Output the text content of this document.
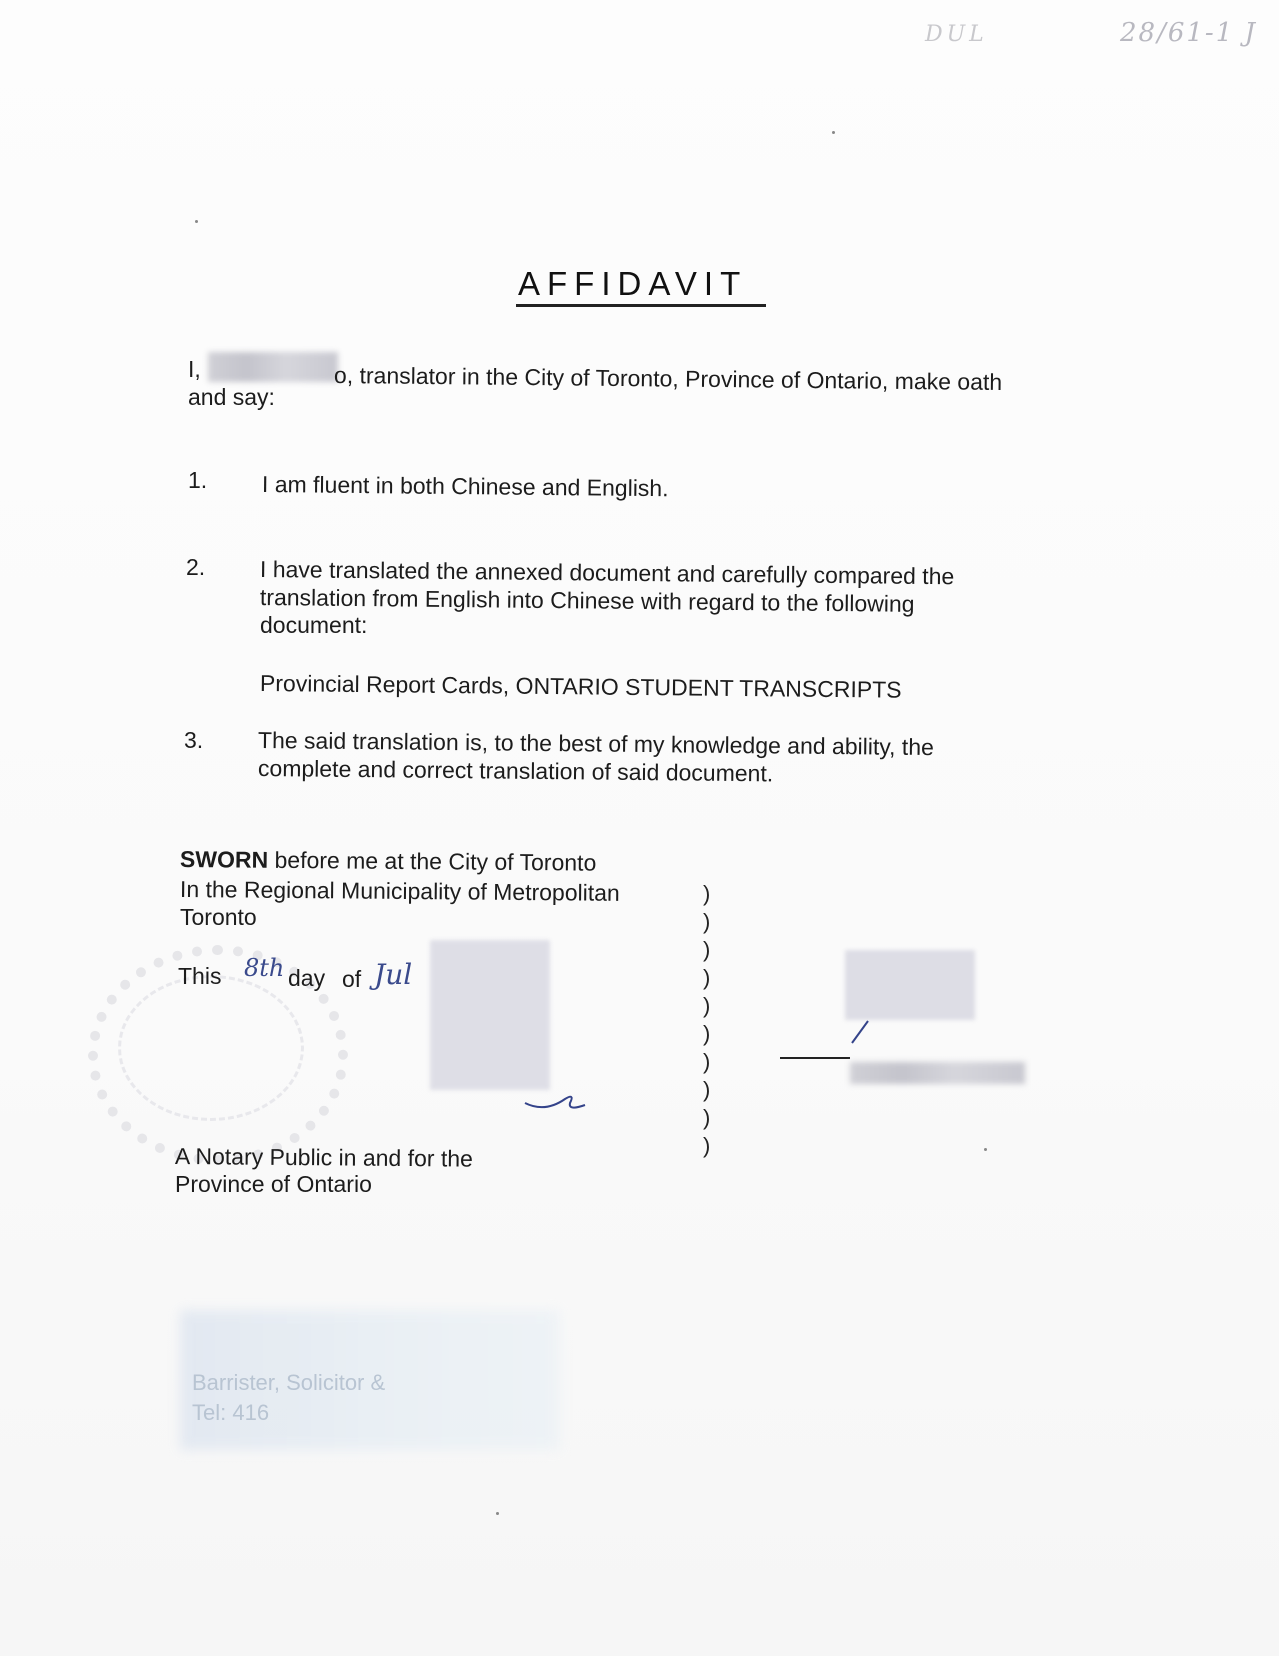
DUL	28/61-1 J
AFFIDAVIT
I,	o, translator in the City of Toronto, Province of Ontario, make oath
and say:
1. I am fluent in both Chinese and English.
2. I have translated the annexed document and carefully compared the
translation from English into Chinese with regard to the following
document:
Provincial Report Cards, ONTARIO STUDENT TRANSCRIPTS
3. The said translation is, to the best of my knowledge and ability, the
complete and correct translation of said document.
SWORN before me at the City of Toronto
In the Regional Municipality of Metropolitan
Toronto
This 8th day of Jul
)
)
)
)
)
)
)
)
)
)
A Notary Public in and for the
Province of Ontario
Barrister, Solicitor &
Tel: 416
